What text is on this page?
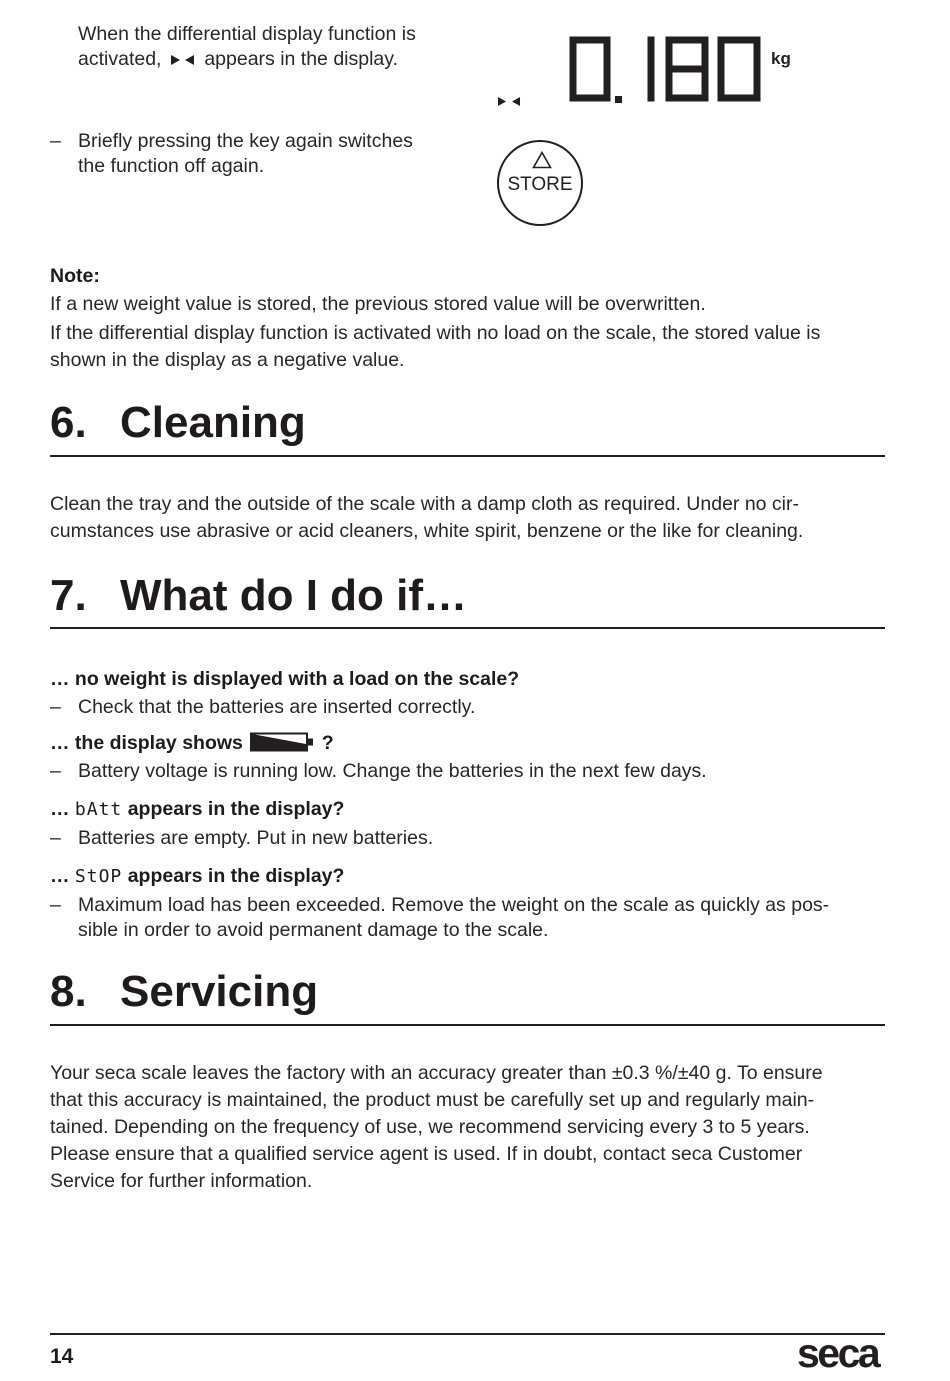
When the differential display function is
activated, appears in the display.
– Briefly pressing the key again switches
the function off again.
kg
STORE
Note:
If a new weight value is stored, the previous stored value will be overwritten.
If the differential display function is activated with no load on the scale, the stored value is
shown in the display as a negative value.
6. Cleaning
Clean the tray and the outside of the scale with a damp cloth as required. Under no cir-
cumstances use abrasive or acid cleaners, white spirit, benzene or the like for cleaning.
7. What do I do if…
… no weight is displayed with a load on the scale?
– Check that the batteries are inserted correctly.
… the display shows	?
– Battery voltage is running low. Change the batteries in the next few days.
… bAtt appears in the display?
– Batteries are empty. Put in new batteries.
… StOP appears in the display?
– Maximum load has been exceeded. Remove the weight on the scale as quickly as pos-
sible in order to avoid permanent damage to the scale.
8. Servicing
Your seca scale leaves the factory with an accuracy greater than ±0.3 %/±40 g. To ensure
that this accuracy is maintained, the product must be carefully set up and regularly main-
tained. Depending on the frequency of use, we recommend servicing every 3 to 5 years.
Please ensure that a qualified service agent is used. If in doubt, contact seca Customer
Service for further information.
14	seca
